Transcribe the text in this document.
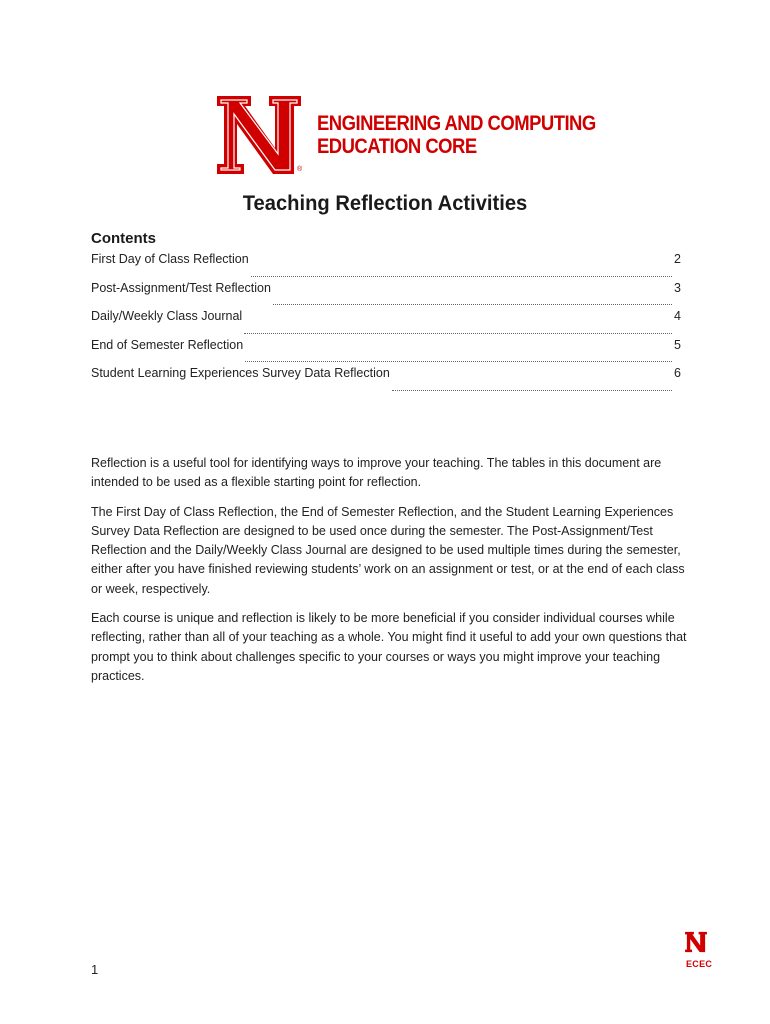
®
ENGINEERING AND COMPUTING
EDUCATION CORE
Teaching Reflection Activities
Contents
First Day of Class Reflection	2
Post-Assignment/Test Reflection	3
Daily/Weekly Class Journal	4
End of Semester Reflection	5
Student Learning Experiences Survey Data Reflection	6

Reflection is a useful tool for identifying ways to improve your teaching. The tables in this document are intended to be used as a flexible starting point for reflection.

The First Day of Class Reflection, the End of Semester Reflection, and the Student Learning Experiences Survey Data Reflection are designed to be used once during the semester. The Post-Assignment/Test Reflection and the Daily/Weekly Class Journal are designed to be used multiple times during the semester, either after you have finished reviewing students’ work on an assignment or test, or at the end of each class or week, respectively.

Each course is unique and reflection is likely to be more beneficial if you consider individual courses while reflecting, rather than all of your teaching as a whole. You might find it useful to add your own questions that prompt you to think about challenges specific to your courses or ways you might improve your teaching practices.

1	ECEC
